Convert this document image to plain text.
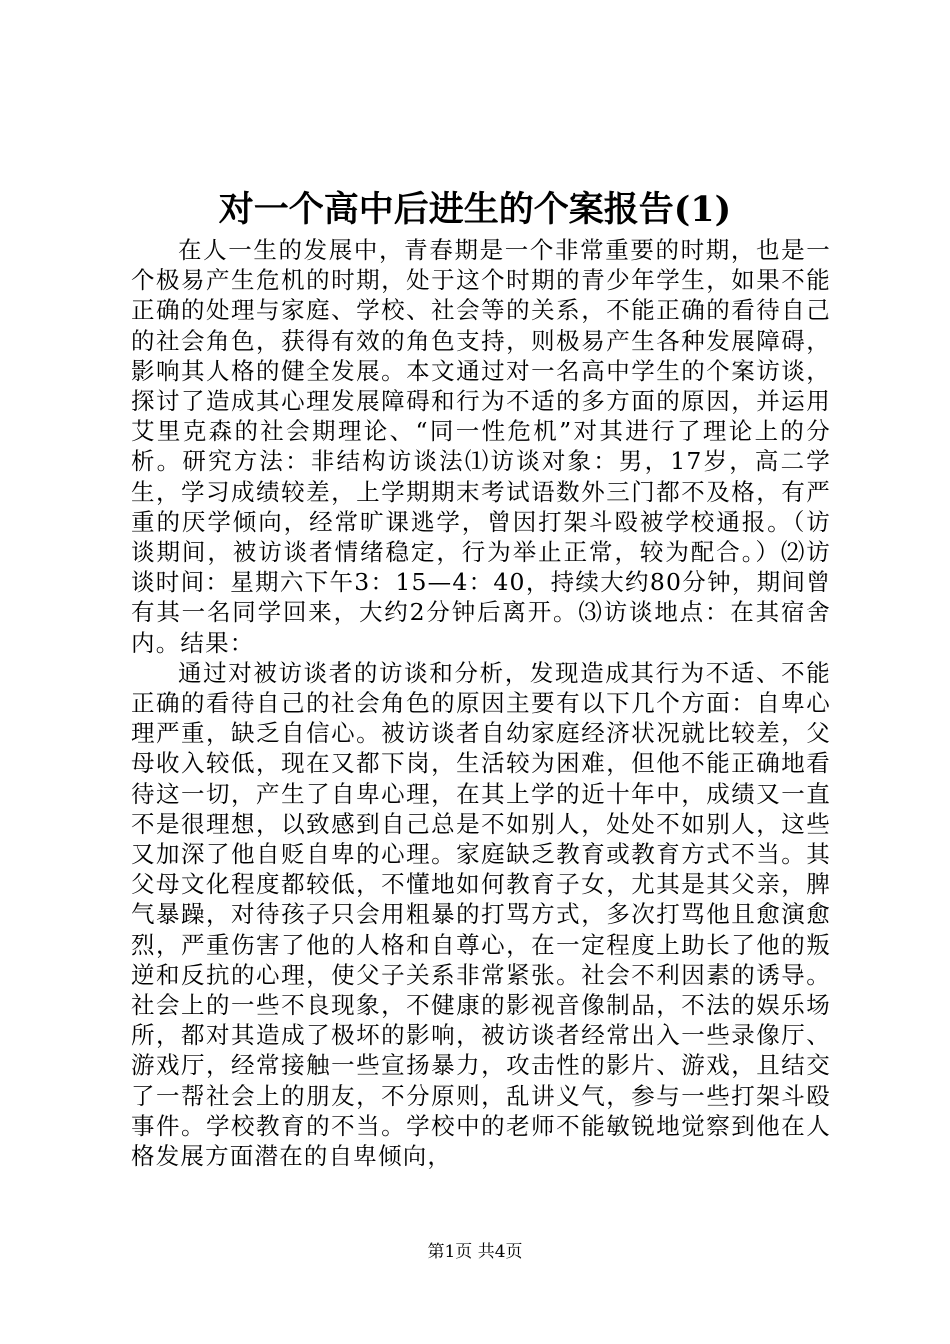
对一个高中后进生的个案报告(1)

在人一生的发展中，青春期是一个非常重要的时期，也是一个极易产生危机的时期，处于这个时期的青少年学生，如果不能正确的处理与家庭、学校、社会等的关系，不能正确的看待自己的社会角色，获得有效的角色支持，则极易产生各种发展障碍，影响其人格的健全发展。本文通过对一名高中学生的个案访谈，探讨了造成其心理发展障碍和行为不适的多方面的原因，并运用艾里克森的社会期理论、“同一性危机”对其进行了理论上的分析。研究方法：非结构访谈法⑴访谈对象：男，17岁，高二学生，学习成绩较差，上学期期末考试语数外三门都不及格，有严重的厌学倾向，经常旷课逃学，曾因打架斗殴被学校通报。（访谈期间，被访谈者情绪稳定，行为举止正常，较为配合。）⑵访谈时间：星期六下午3：15—4：40，持续大约80分钟，期间曾有其一名同学回来，大约2分钟后离开。⑶访谈地点：在其宿舍内。结果：

通过对被访谈者的访谈和分析，发现造成其行为不适、不能正确的看待自己的社会角色的原因主要有以下几个方面：自卑心理严重，缺乏自信心。被访谈者自幼家庭经济状况就比较差，父母收入较低，现在又都下岗，生活较为困难，但他不能正确地看待这一切，产生了自卑心理，在其上学的近十年中，成绩又一直不是很理想，以致感到自己总是不如别人，处处不如别人，这些又加深了他自贬自卑的心理。家庭缺乏教育或教育方式不当。其父母文化程度都较低，不懂地如何教育子女，尤其是其父亲，脾气暴躁，对待孩子只会用粗暴的打骂方式，多次打骂他且愈演愈烈，严重伤害了他的人格和自尊心，在一定程度上助长了他的叛逆和反抗的心理，使父子关系非常紧张。社会不利因素的诱导。社会上的一些不良现象，不健康的影视音像制品，不法的娱乐场所，都对其造成了极坏的影响，被访谈者经常出入一些录像厅、游戏厅，经常接触一些宣扬暴力，攻击性的影片、游戏，且结交了一帮社会上的朋友，不分原则，乱讲义气，参与一些打架斗殴事件。学校教育的不当。学校中的老师不能敏锐地觉察到他在人格发展方面潜在的自卑倾向，

第1页 共4页
